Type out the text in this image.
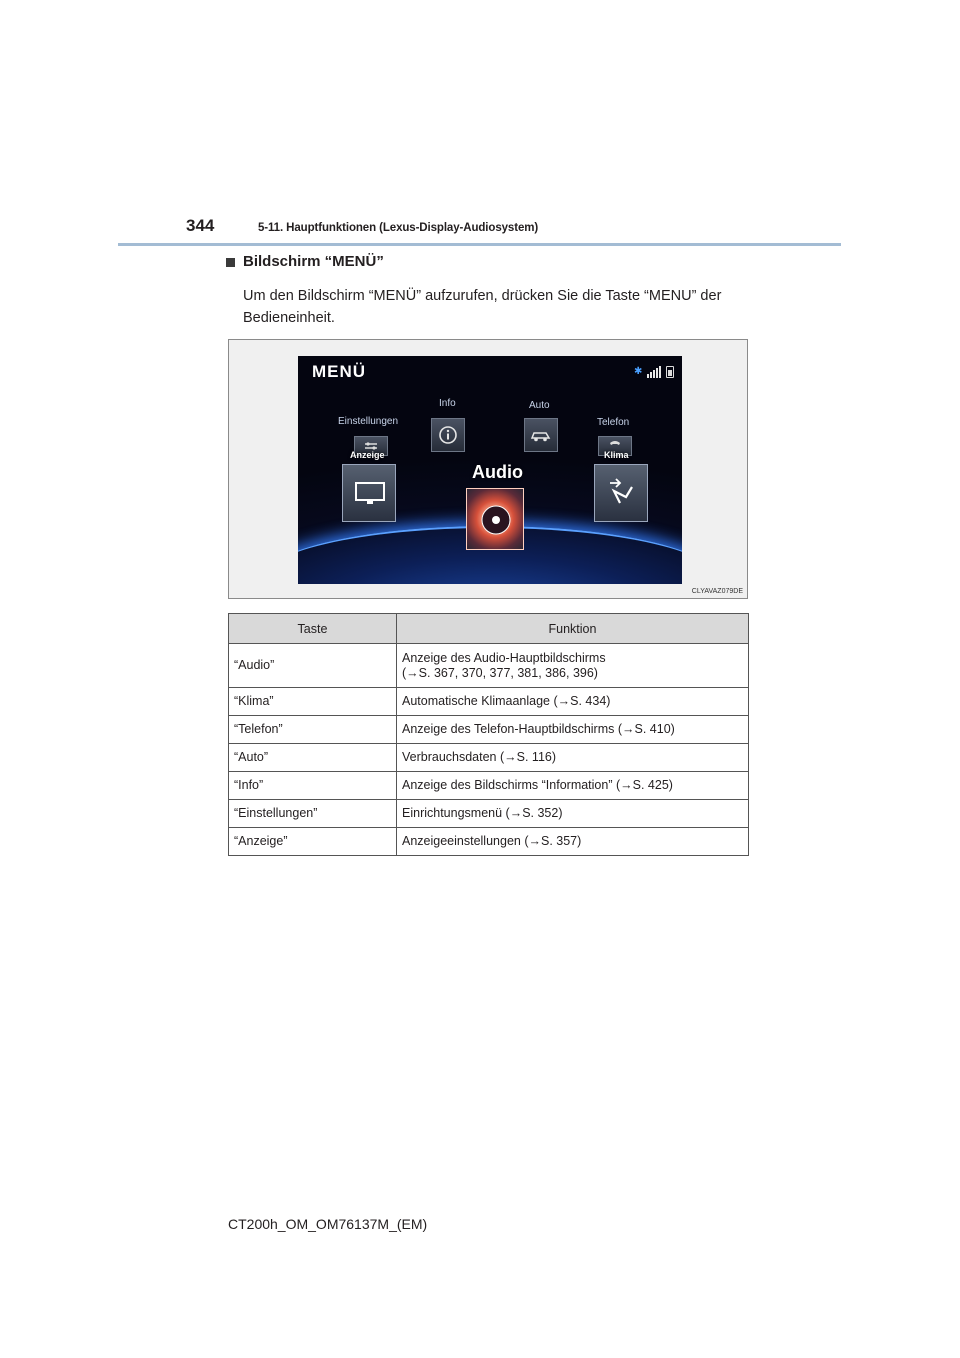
344	5-11. Hauptfunktionen (Lexus-Display-Audiosystem)
Bildschirm “MENÜ”
Um den Bildschirm “MENÜ” aufzurufen, drücken Sie die Taste “MENU” der Bedieneinheit.
MENÜ	✱
Einstellungen
Info	Auto
Telefon
Anzeige	Klima
Audio
CLYAVAZ079DE
Taste	Funktion
“Audio”	Anzeige des Audio-Hauptbildschirms
(→S. 367, 370, 377, 381, 386, 396)

“Klima”	Automatische Klimaanlage (→S. 434)
“Telefon”	Anzeige des Telefon-Hauptbildschirms (→S. 410)
“Auto”	Verbrauchsdaten (→S. 116)
“Info”	Anzeige des Bildschirms “Information” (→S. 425)
“Einstellungen”	Einrichtungsmenü (→S. 352)
“Anzeige”	Anzeigeeinstellungen (→S. 357)
CT200h_OM_OM76137M_(EM)
